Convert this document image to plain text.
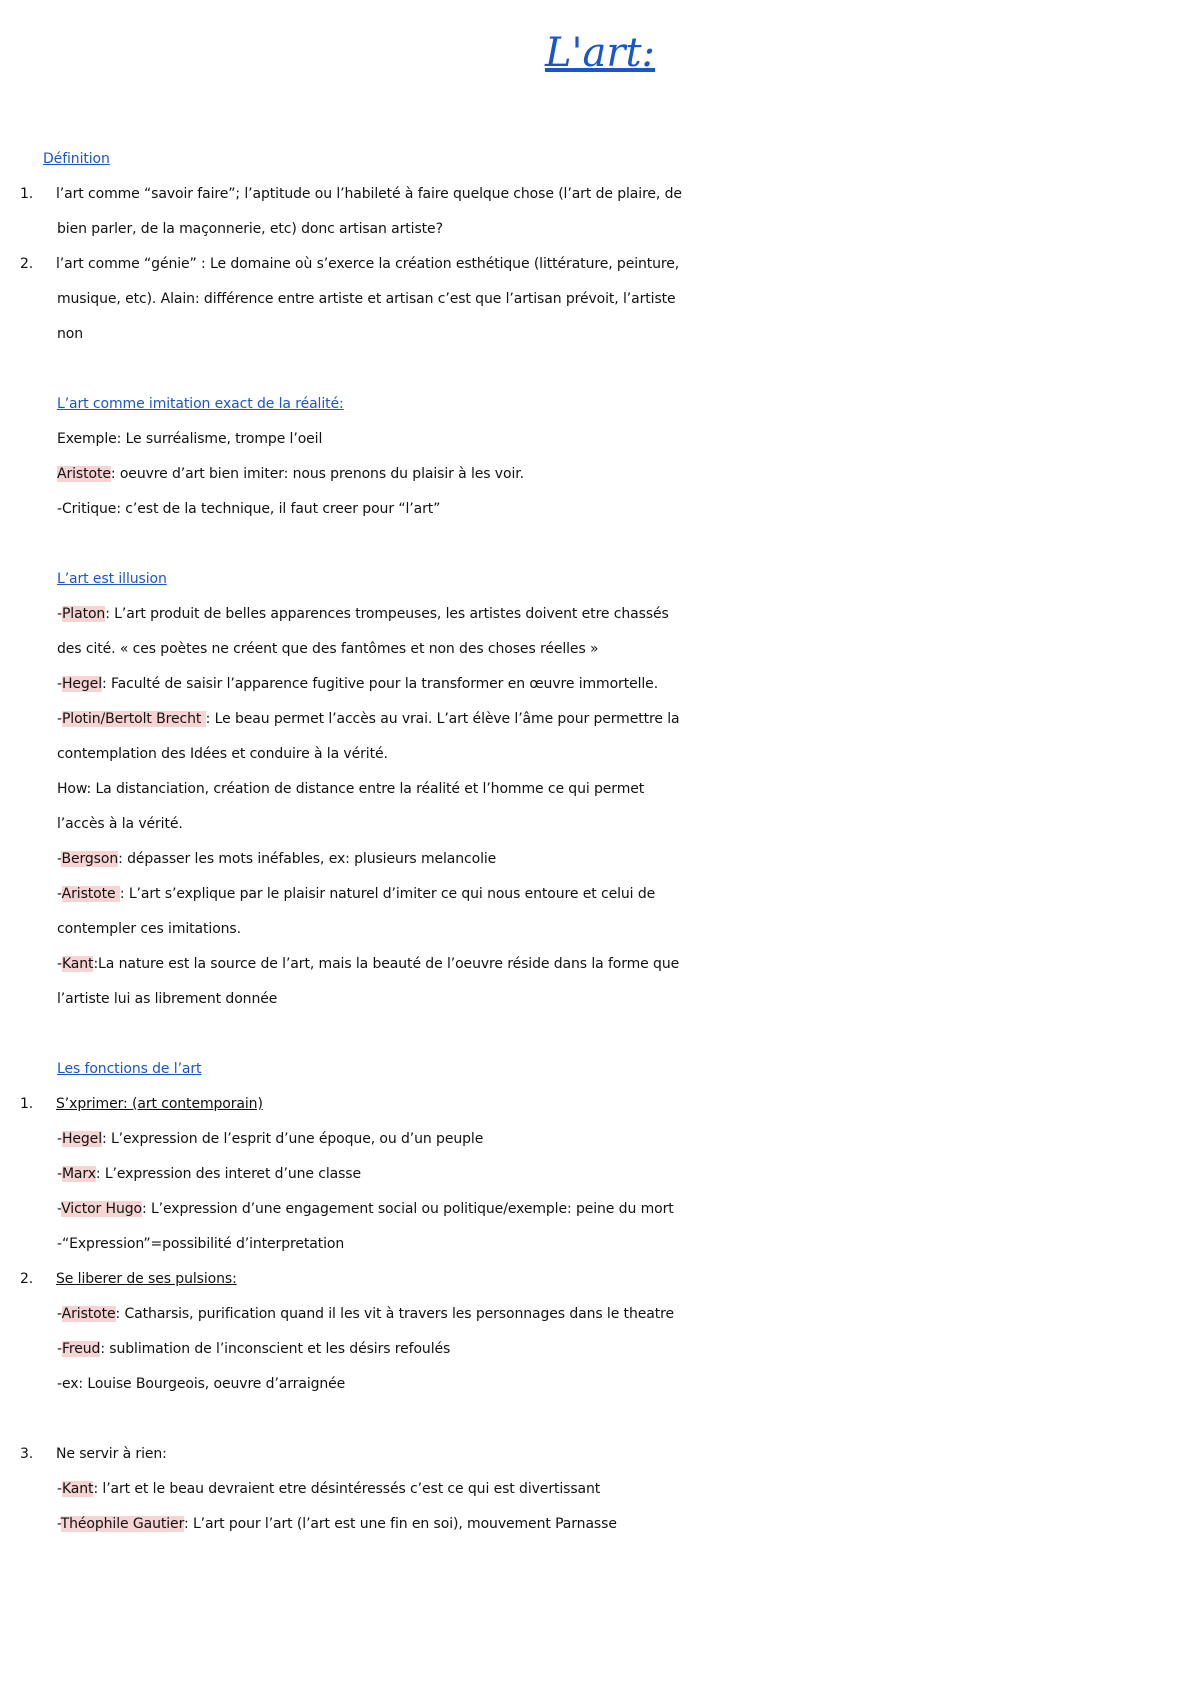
L'art:
Définition
1. l’art comme “savoir faire”; l’aptitude ou l’habileté à faire quelque chose (l’art de plaire, de
bien parler, de la maçonnerie, etc) donc artisan artiste?
2. l’art comme “génie” : Le domaine où s’exerce la création esthétique (littérature, peinture,
musique, etc). Alain: différence entre artiste et artisan c’est que l’artisan prévoit, l’artiste
non
L’art comme imitation exact de la réalité:
Exemple: Le surréalisme, trompe l’oeil
Aristote: oeuvre d’art bien imiter: nous prenons du plaisir à les voir.
-Critique: c’est de la technique, il faut creer pour “l’art”
L’art est illusion
-Platon: L’art produit de belles apparences trompeuses, les artistes doivent etre chassés
des cité. « ces poètes ne créent que des fantômes et non des choses réelles »
-Hegel: Faculté de saisir l’apparence fugitive pour la transformer en œuvre immortelle.
-Plotin/Bertolt Brecht : Le beau permet l’accès au vrai. L’art élève l’âme pour permettre la
contemplation des Idées et conduire à la vérité.
How: La distanciation, création de distance entre la réalité et l’homme ce qui permet
l’accès à la vérité.
-Bergson: dépasser les mots inéfables, ex: plusieurs melancolie
-Aristote : L’art s’explique par le plaisir naturel d’imiter ce qui nous entoure et celui de
contempler ces imitations.
-Kant:La nature est la source de l’art, mais la beauté de l’oeuvre réside dans la forme que
l’artiste lui as librement donnée
Les fonctions de l’art
1. S’xprimer: (art contemporain)
-Hegel: L’expression de l’esprit d’une époque, ou d’un peuple
-Marx: L’expression des interet d’une classe
-Victor Hugo: L’expression d’une engagement social ou politique/exemple: peine du mort
-“Expression”=possibilité d’interpretation
2. Se liberer de ses pulsions:
-Aristote: Catharsis, purification quand il les vit à travers les personnages dans le theatre
-Freud: sublimation de l’inconscient et les désirs refoulés
-ex: Louise Bourgeois, oeuvre d’arraignée
3. Ne servir à rien:
-Kant: l’art et le beau devraient etre désintéressés c’est ce qui est divertissant
-Théophile Gautier: L’art pour l’art (l’art est une fin en soi), mouvement Parnasse
